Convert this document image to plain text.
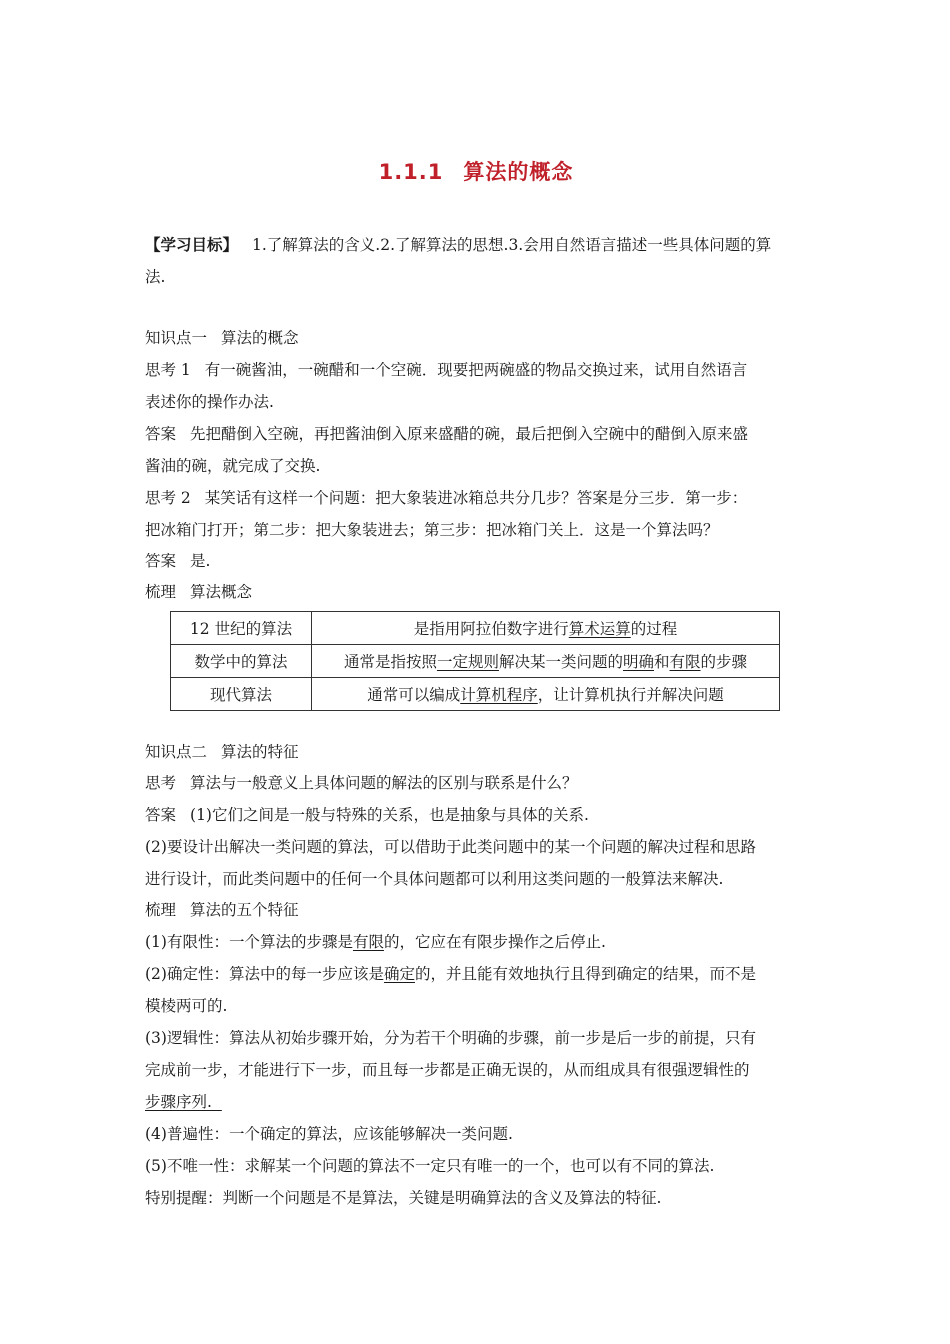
1.1.1 算法的概念
【学习目标】 1.了解算法的含义.2.了解算法的思想.3.会用自然语言描述一些具体问题的算
法.
知识点一 算法的概念
思考 1 有一碗酱油，一碗醋和一个空碗．现要把两碗盛的物品交换过来，试用自然语言
表述你的操作办法.
答案 先把醋倒入空碗，再把酱油倒入原来盛醋的碗，最后把倒入空碗中的醋倒入原来盛
酱油的碗，就完成了交换.
思考 2 某笑话有这样一个问题：把大象装进冰箱总共分几步？答案是分三步．第一步：
把冰箱门打开；第二步：把大象装进去；第三步：把冰箱门关上．这是一个算法吗？
答案 是.
梳理 算法概念
12 世纪的算法	是指用阿拉伯数字进行算术运算的过程
数学中的算法	通常是指按照一定规则解决某一类问题的明确和有限的步骤
现代算法	通常可以编成计算机程序，让计算机执行并解决问题
知识点二 算法的特征
思考 算法与一般意义上具体问题的解法的区别与联系是什么？
答案 (1)它们之间是一般与特殊的关系，也是抽象与具体的关系.
(2)要设计出解决一类问题的算法，可以借助于此类问题中的某一个问题的解决过程和思路
进行设计，而此类问题中的任何一个具体问题都可以利用这类问题的一般算法来解决.
梳理 算法的五个特征
(1)有限性：一个算法的步骤是有限的，它应在有限步操作之后停止.
(2)确定性：算法中的每一步应该是确定的，并且能有效地执行且得到确定的结果，而不是
模棱两可的.
(3)逻辑性：算法从初始步骤开始，分为若干个明确的步骤，前一步是后一步的前提，只有
完成前一步，才能进行下一步，而且每一步都是正确无误的，从而组成具有很强逻辑性的
步骤序列.
(4)普遍性：一个确定的算法，应该能够解决一类问题.
(5)不唯一性：求解某一个问题的算法不一定只有唯一的一个，也可以有不同的算法.
特别提醒：判断一个问题是不是算法，关键是明确算法的含义及算法的特征.
